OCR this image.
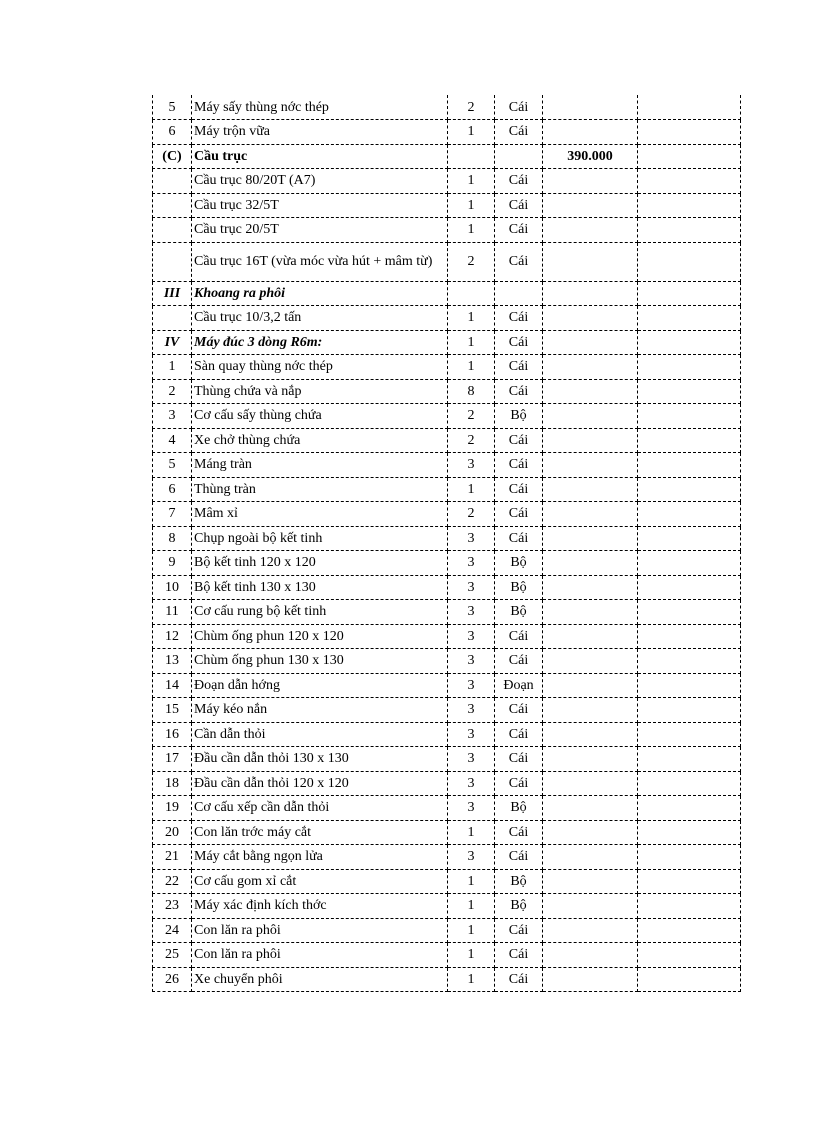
5	Máy sấy thùng nớc thép	2	Cái		
6	Máy trộn vữa	1	Cái		
(C)	Cầu trục			390.000	
	Cầu trục 80/20T (A7)	1	Cái		
	Cầu trục 32/5T	1	Cái		
	Cầu trục 20/5T	1	Cái		
	Cầu trục 16T (vừa móc vừa hút + mâm từ)	2	Cái		
III	Khoang ra phôi				
	Cầu trục 10/3,2 tấn	1	Cái		
IV	Máy đúc 3 dòng R6m:	1	Cái		
1	Sàn quay thùng nớc thép	1	Cái		
2	Thùng chứa và nắp	8	Cái		
3	Cơ cấu sấy thùng chứa	2	Bộ		
4	Xe chở thùng chứa	2	Cái		
5	Máng tràn	3	Cái		
6	Thùng tràn	1	Cái		
7	Mâm xỉ	2	Cái		
8	Chụp ngoài bộ kết tinh	3	Cái		
9	Bộ kết tinh 120 x 120	3	Bộ		
10	Bộ kết tinh 130 x 130	3	Bộ		
11	Cơ cấu rung bộ kết tinh	3	Bộ		
12	Chùm ống phun 120 x 120	3	Cái		
13	Chùm ống phun 130 x 130	3	Cái		
14	Đoạn dẫn hớng	3	Đoạn		
15	Máy kéo nắn	3	Cái		
16	Cần dẫn thỏi	3	Cái		
17	Đầu cần dẫn thỏi 130 x 130	3	Cái		
18	Đầu cần dẫn thỏi 120 x 120	3	Cái		
19	Cơ cấu xếp cần dẫn thỏi	3	Bộ		
20	Con lăn trớc máy cắt	1	Cái		
21	Máy cắt bằng ngọn lửa	3	Cái		
22	Cơ cấu gom xỉ cắt	1	Bộ		
23	Máy xác định kích thớc	1	Bộ		
24	Con lăn ra phôi	1	Cái		
25	Con lăn ra phôi	1	Cái		
26	Xe chuyển phôi	1	Cái		
